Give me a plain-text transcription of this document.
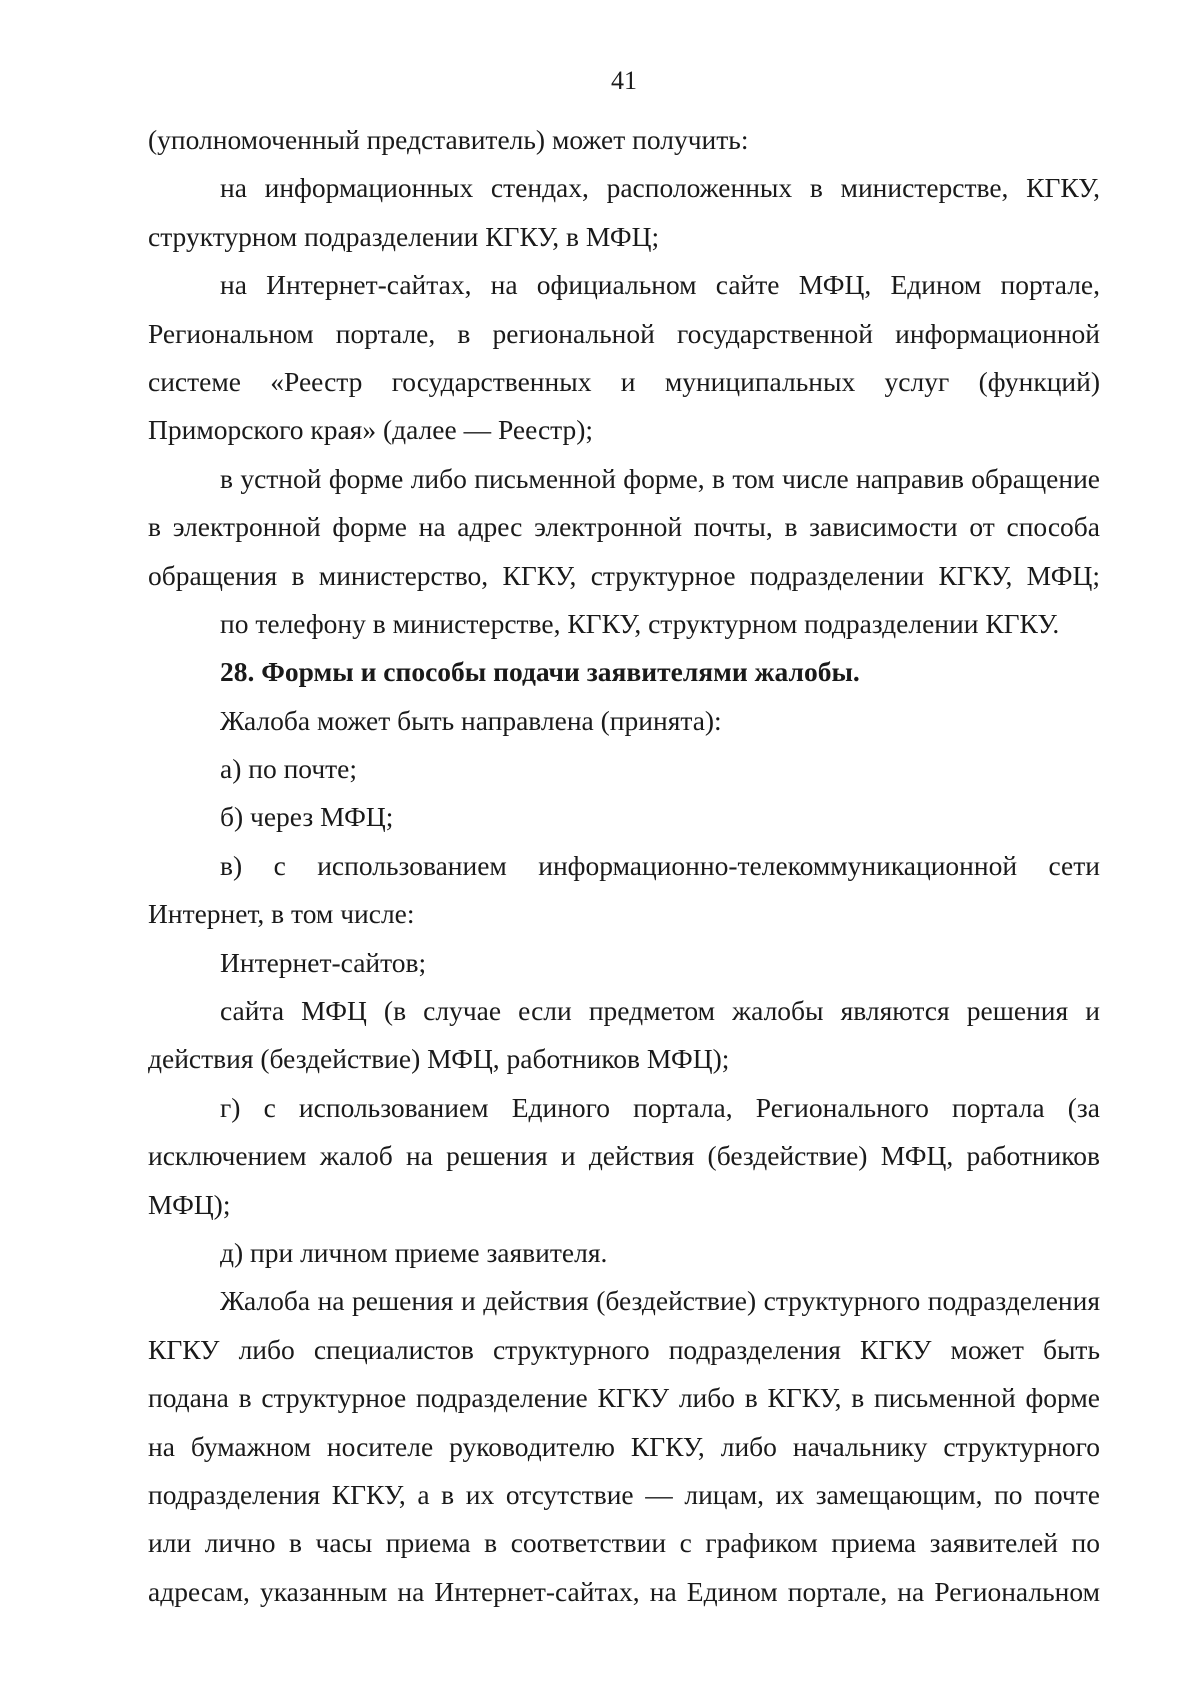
41
(уполномоченный представитель) может получить:
на информационных стендах, расположенных в министерстве, КГКУ,
структурном подразделении КГКУ, в МФЦ;
на Интернет-сайтах, на официальном сайте МФЦ, Едином портале,
Региональном портале, в региональной государственной информационной
системе «Реестр государственных и муниципальных услуг (функций)
Приморского края» (далее — Реестр);
в устной форме либо письменной форме, в том числе направив обращение
в электронной форме на адрес электронной почты, в зависимости от способа
обращения в министерство, КГКУ, структурное подразделении КГКУ, МФЦ;
по телефону в министерстве, КГКУ, структурном подразделении КГКУ.
28. Формы и способы подачи заявителями жалобы.
Жалоба может быть направлена (принята):
а) по почте;
б) через МФЦ;
в) с использованием информационно-телекоммуникационной сети
Интернет, в том числе:
Интернет-сайтов;
сайта МФЦ (в случае если предметом жалобы являются решения и
действия (бездействие) МФЦ, работников МФЦ);
г) с использованием Единого портала, Регионального портала (за
исключением жалоб на решения и действия (бездействие) МФЦ, работников
МФЦ);
д) при личном приеме заявителя.
Жалоба на решения и действия (бездействие) структурного подразделения
КГКУ либо специалистов структурного подразделения КГКУ может быть
подана в структурное подразделение КГКУ либо в КГКУ, в письменной форме
на бумажном носителе руководителю КГКУ, либо начальнику структурного
подразделения КГКУ, а в их отсутствие — лицам, их замещающим, по почте
или лично в часы приема в соответствии с графиком приема заявителей по
адресам, указанным на Интернет-сайтах, на Едином портале, на Региональном
